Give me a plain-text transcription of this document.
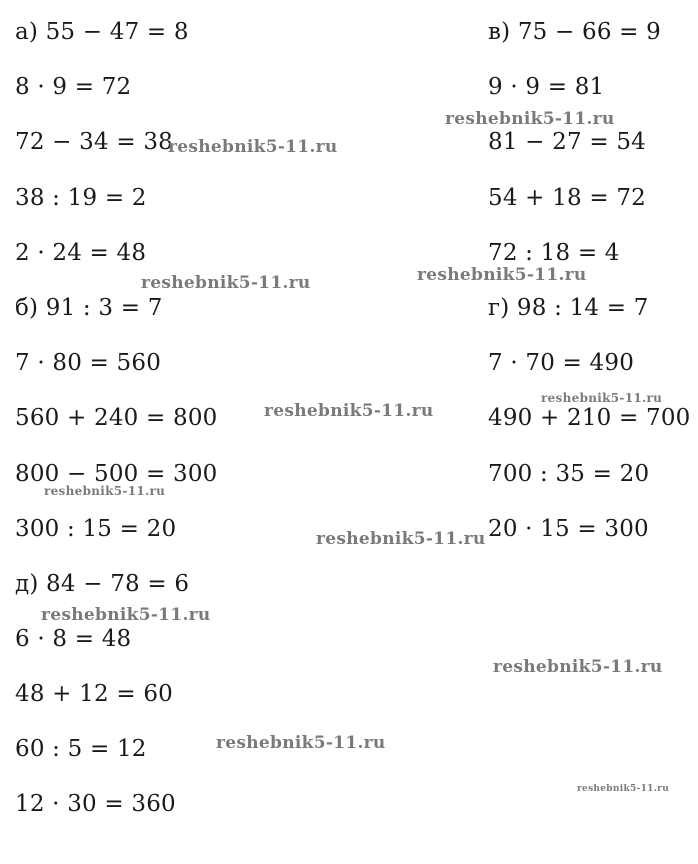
а) 55 − 47 = 8
8 · 9 = 72
72 − 34 = 38
38 : 19 = 2
2 · 24 = 48
б) 91 : 3 = 7
7 · 80 = 560
560 + 240 = 800
800 − 500 = 300
300 : 15 = 20
д) 84 − 78 = 6
6 · 8 = 48
48 + 12 = 60
60 : 5 = 12
12 · 30 = 360
в) 75 − 66 = 9
9 · 9 = 81
81 − 27 = 54
54 + 18 = 72
72 : 18 = 4
г) 98 : 14 = 7
7 · 70 = 490
490 + 210 = 700
700 : 35 = 20
20 · 15 = 300
reshebnik5-11.ru
reshebnik5-11.ru
reshebnik5-11.ru
reshebnik5-11.ru
reshebnik5-11.ru
reshebnik5-11.ru
reshebnik5-11.ru
reshebnik5-11.ru
reshebnik5-11.ru
reshebnik5-11.ru
reshebnik5-11.ru
reshebnik5-11.ru
